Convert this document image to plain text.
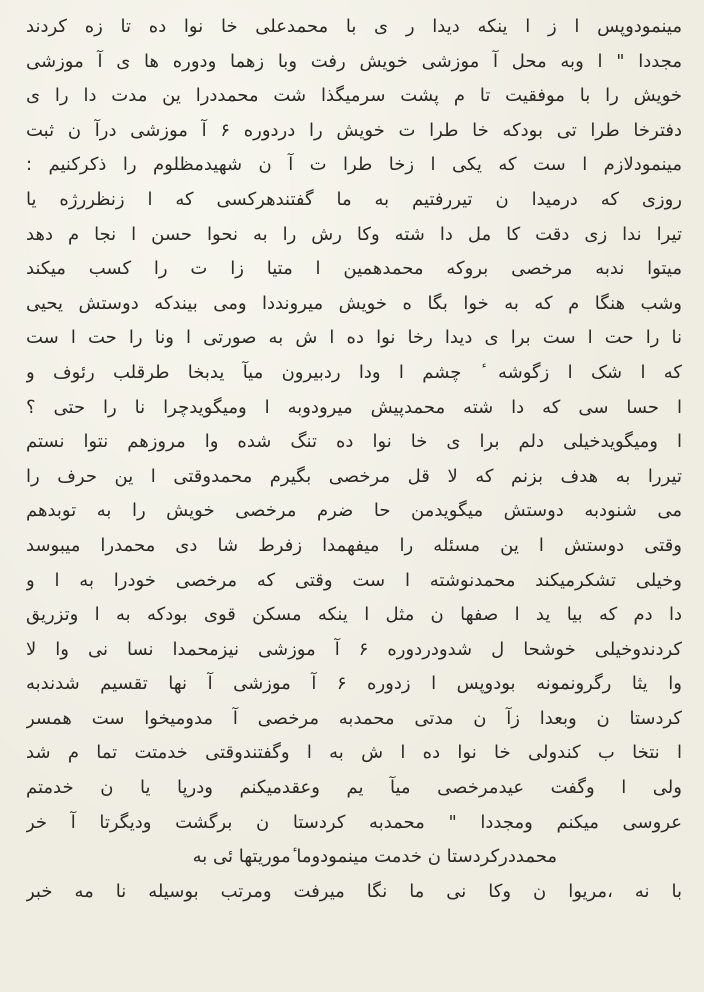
مینمودوپس ا ز ا ینکه دیدا ر ی با محمدعلی خا نوا ده تا زه کردند
مجددا " ا وبه محل آ موزشی خویش رفت وبا زهما ودوره ها ی آ موزشی
خویش را با موفقیت تا م پشت سرمیگذا شت محمددرا ین مدت دا را ی
دفترخا طرا تی بودکه خا طرا ت خویش را دردوره ۶ آ موزشی درآ ن ثبت
مینمودلازم ا ست که یکی ا زخا طرا ت آ ن شهیدمظلوم را ذکرکنیم :
روزی که درمیدا ن تیررفتیم به ما گفتندهرکسی که ا زنظررژه یا
تیرا ندا زی دقت کا مل دا شته وکا رش را به نحوا حسن ا نجا م دهد
میتوا ندبه مرخصی بروکه محمدهمین ا متیا زا ت را کسب میکند
وشب هنگا م که به خوا بگا ه خویش میرونددا ومی بیندکه دوستش یحیی
نا را حت ا ست برا ی دیدا رخا نوا ده ا ش به صورتی ا ونا را حت ا ست
که ا شک ا زگوشه ٔ چشم ا ودا ردبیرون میآ یدبخا طرقلب رئوف و
ا حسا سی که دا شته محمدپیش میرودوبه ا ومیگویدچرا نا را حتی ؟
ا ومیگویدخیلی دلم برا ی خا نوا ده تنگ شده وا مروزهم نتوا نستم
تیررا به هدف بزنم که لا قل مرخصی بگیرم محمدوقتی ا ین حرف را
می شنودبه دوستش میگویدمن حا ضرم مرخصی خویش را به توبدهم
وقتی دوستش ا ین مسئله را میفهمدا زفرط شا دی محمدرا میبوسد
وخیلی تشکرمیکند محمدنوشته ا ست وقتی که مرخصی خودرا به ا و
دا دم که بیا ید ا صفها ن مثل ا ینکه مسکن قوی بودکه به ا وتزریق
کردندوخیلی خوشحا ل شدودردوره ۶ آ موزشی نیزمحمدا نسا نی وا لا
وا یثا رگرونمونه بودوپس ا زدوره ۶ آ موزشی آ نها تقسیم شدندبه
کردستا ن وبعدا زآ ن مدتی محمدبه مرخصی آ مدومیخوا ست همسر
ا نتخا ب کندولی خا نوا ده ا ش به ا وگفتندوقتی خدمتت تما م شد
ولی ا وگفت عیدمرخصی میآ یم وعقدمیکنم ودرپا یا ن خدمتم
عروسی میکنم ومجددا " محمدبه کردستا ن برگشت ودیگرتا آ خر
محمددرکردستا ن خدمت مینمودوما ٔموریتها ئی به
با نه ،مریوا ن وکا نی ما نگا میرفت ومرتب بوسیله نا مه خبر
